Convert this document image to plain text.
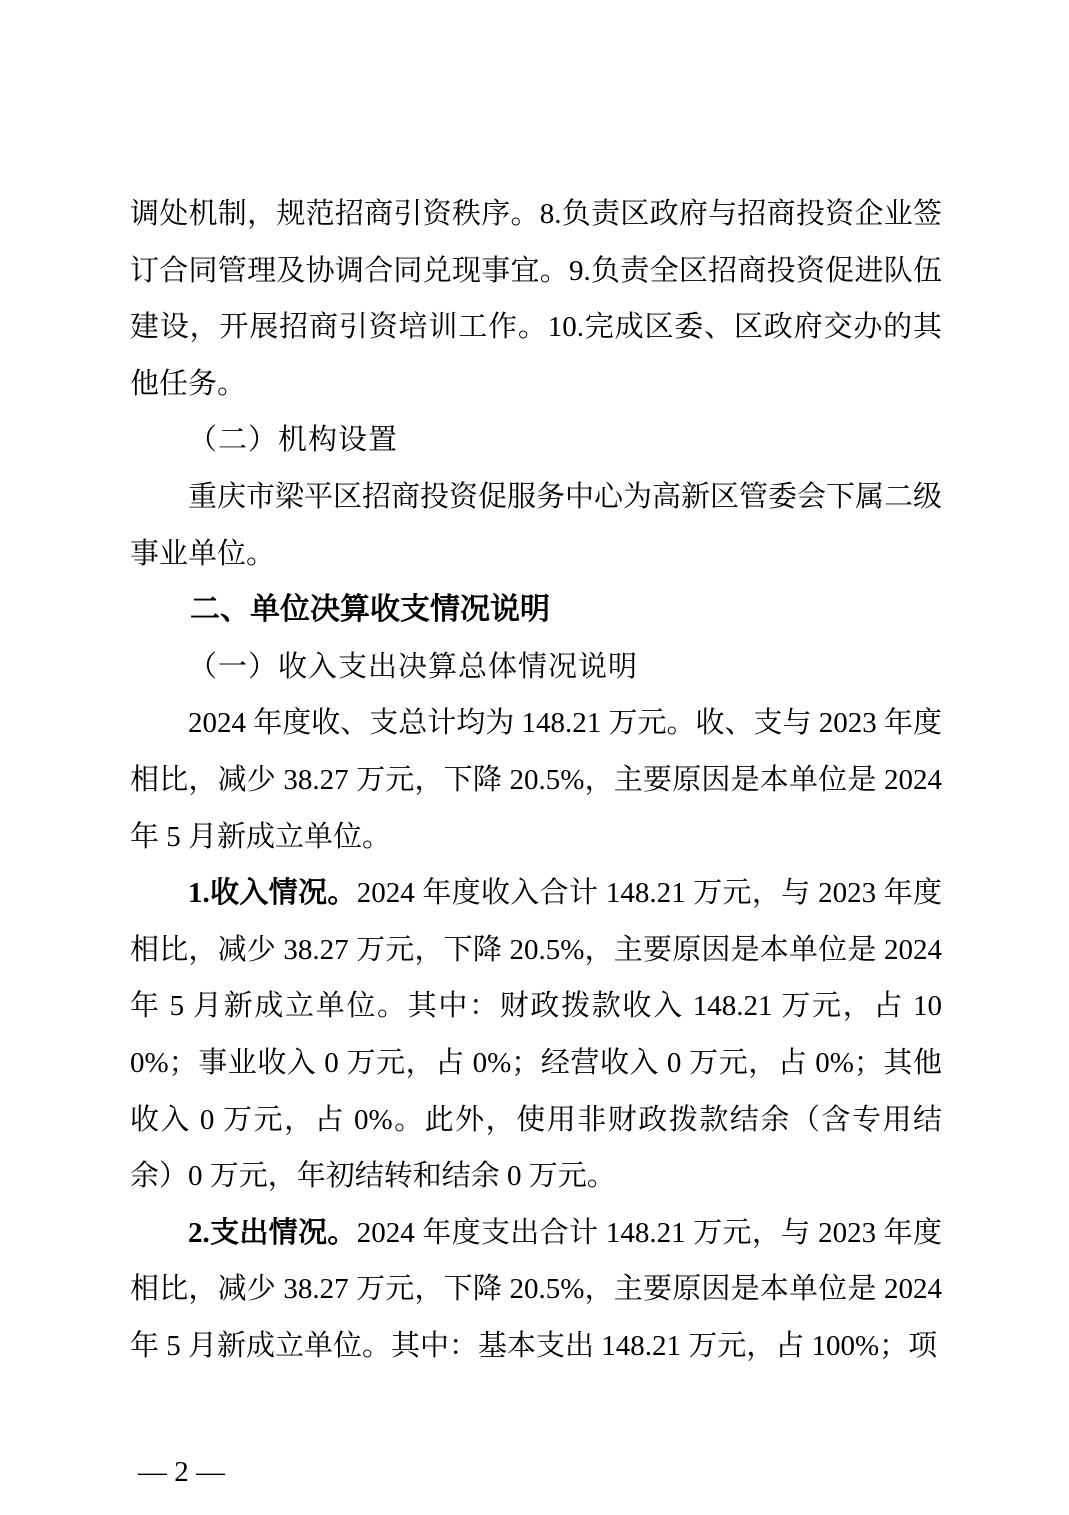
调处机制，规范招商引资秩序。8.负责区政府与招商投资企业签订合同管理及协调合同兑现事宜。9.负责全区招商投资促进队伍建设，开展招商引资培训工作。10.完成区委、区政府交办的其他任务。

（二）机构设置

重庆市梁平区招商投资促服务中心为高新区管委会下属二级事业单位。

二、单位决算收支情况说明

（一）收入支出决算总体情况说明

2024 年度收、支总计均为 148.21 万元。收、支与 2023 年度相比，减少 38.27 万元，下降 20.5%，主要原因是本单位是 2024 年 5 月新成立单位。

1.收入情况。2024 年度收入合计 148.21 万元，与 2023 年度相比，减少 38.27 万元，下降 20.5%，主要原因是本单位是 2024 年 5 月新成立单位。其中：财政拨款收入 148.21 万元，占 100%；事业收入 0 万元，占 0%；经营收入 0 万元，占 0%；其他收入 0 万元，占 0%。此外，使用非财政拨款结余（含专用结余）0 万元，年初结转和结余 0 万元。

2.支出情况。2024 年度支出合计 148.21 万元，与 2023 年度相比，减少 38.27 万元，下降 20.5%，主要原因是本单位是 2024 年 5 月新成立单位。其中：基本支出 148.21 万元，占 100%；项

— 2 —
